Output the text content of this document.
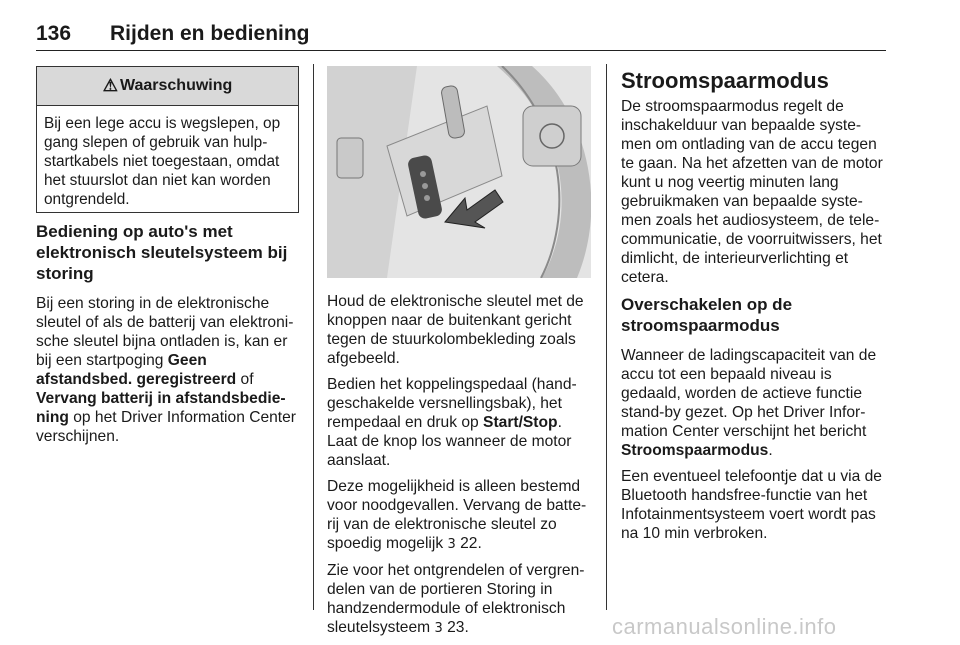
136 Rijden en bediening
⚠ Waarschuwing
Bij een lege accu is wegslepen, op gang slepen of gebruik van hulp-startkabels niet toegestaan, omdat het stuurslot dan niet kan worden ontgrendeld.
Bediening op auto's met elektronisch sleutelsysteem bij storing

Bij een storing in de elektronische sleutel of als de batterij van elektroni-sche sleutel bijna ontladen is, kan er bij een startpoging Geen afstandsbed. geregistreerd of Vervang batterij in afstandsbedie-ning op het Driver Information Center verschijnen.

Houd de elektronische sleutel met de knoppen naar de buitenkant gericht tegen de stuurkolombekleding zoals afgebeeld.

Bedien het koppelingspedaal (hand-geschakelde versnellingsbak), het rempedaal en druk op Start/Stop. Laat de knop los wanneer de motor aanslaat.

Deze mogelijkheid is alleen bestemd voor noodgevallen. Vervang de batte-rij van de elektronische sleutel zo spoedig mogelijk 3 22.

Zie voor het ontgrendelen of vergren-delen van de portieren Storing in handzendermodule of elektronisch sleutelsysteem 3 23.

Stroomspaarmodus

De stroomspaarmodus regelt de inschakelduur van bepaalde syste-men om ontlading van de accu tegen te gaan. Na het afzetten van de motor kunt u nog veertig minuten lang gebruikmaken van bepaalde syste-men zoals het audiosysteem, de tele-communicatie, de voorruitwissers, het dimlicht, de interieurverlichting et cetera.

Overschakelen op de stroomspaarmodus

Wanneer de ladingscapaciteit van de accu tot een bepaald niveau is gedaald, worden de actieve functie stand-by gezet. Op het Driver Infor-mation Center verschijnt het bericht Stroomspaarmodus.

Een eventueel telefoontje dat u via de Bluetooth handsfree-functie van het Infotainmentsysteem voert wordt pas na 10 min verbroken.

carmanualsonline.info
